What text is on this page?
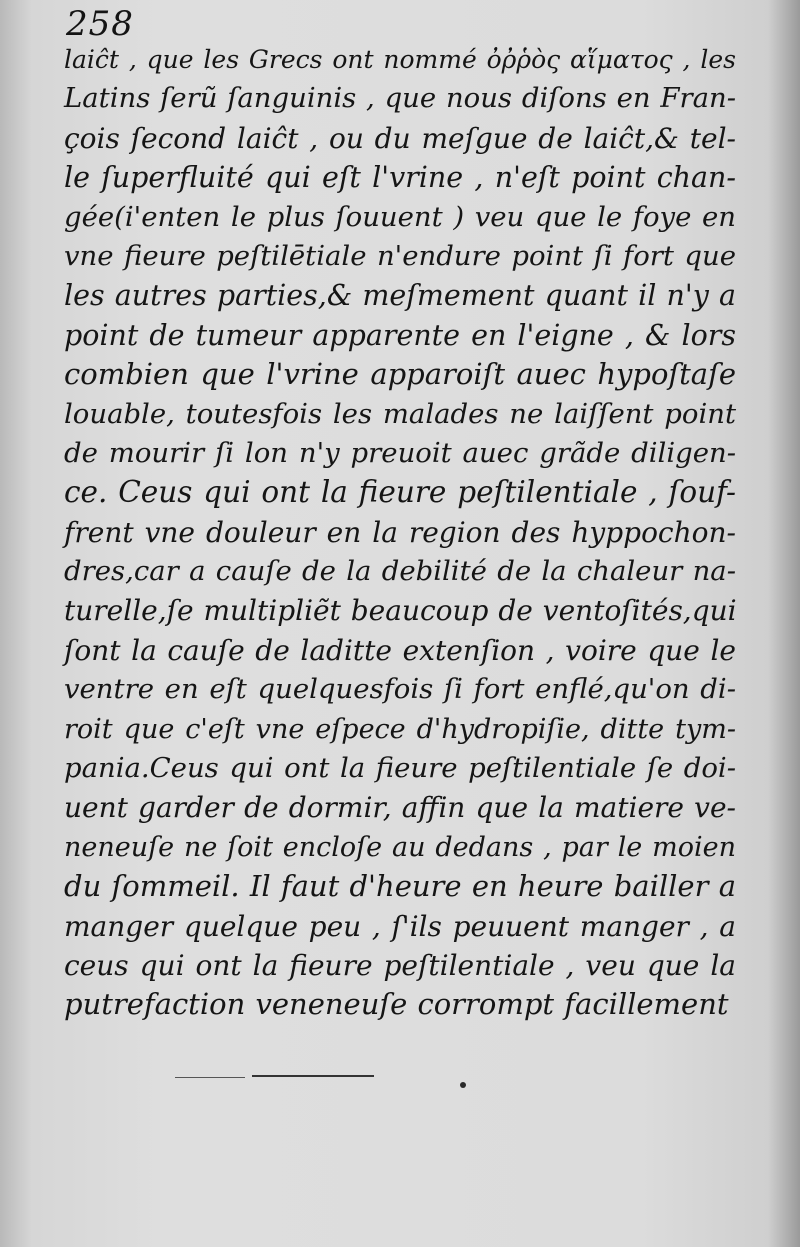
258
laiĉt , que les Grecs ont nommé ὀῤῥὸς αἵματος , les
Latins ſerũ ſanguinis , que nous diſons en Fran-
çois ſecond laiĉt , ou du meſgue de laiĉt,& tel-
le ſuperfluité qui eſt l'vrine , n'eſt point chan-
gée(i'enten le plus ſouuent ) veu que le foye en
vne fieure peſtilētiale n'endure point ſi fort que
les autres parties,& meſmement quant il n'y a
point de tumeur apparente en l'eigne , & lors
combien que l'vrine apparoiſt auec hypoſtaſe
louable, toutesfois les malades ne laiſſent point
de mourir ſi lon n'y preuoit auec grãde diligen-
ce. Ceus qui ont la fieure peſtilentiale , ſouf-
frent vne douleur en la region des hyppochon-
dres,car a cauſe de la debilité de la chaleur na-
turelle,ſe multipliẽt beaucoup de ventoſités,qui
ſont la cauſe de laditte extenſion , voire que le
ventre en eſt quelquesfois ſi fort enflé,qu'on di-
roit que c'eſt vne eſpece d'hydropiſie, ditte tym-
pania.Ceus qui ont la fieure peſtilentiale ſe doi-
uent garder de dormir, affin que la matiere ve-
neneuſe ne ſoit encloſe au dedans , par le moien
du ſommeil. Il faut d'heure en heure bailler a
manger quelque peu , ſ'ils peuuent manger , a
ceus qui ont la fieure peſtilentiale , veu que la
putrefaction veneneuſe corrompt facillement
